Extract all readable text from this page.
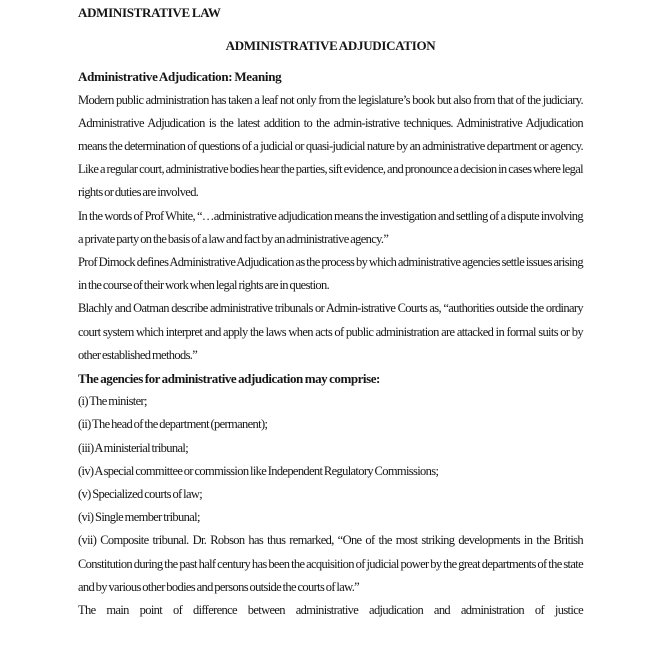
ADMINISTRATIVE LAW
ADMINISTRATIVE ADJUDICATION
Administrative Adjudication: Meaning
Modern public administration has taken a leaf not only from the legislature’s book but also from that of the judiciary. Administrative Adjudication is the latest addition to the admin-istrative techniques. Administrative Adjudication means the determination of questions of a judicial or quasi-judicial nature by an administrative department or agency. Like a regular court, administrative bodies hear the parties, sift evidence, and pronounce a decision in cases where legal rights or duties are involved.
In the words of Prof White, “…administrative adjudication means the investigation and settling of a dispute involving a private party on the basis of a law and fact by an administrative agency.”
Prof Dimock defines Administrative Adjudication as the process by which administrative agencies settle issues arising in the course of their work when legal rights are in question.
Blachly and Oatman describe administrative tribunals or Admin-istrative Courts as, “authorities outside the ordinary court system which interpret and apply the laws when acts of public administration are attacked in formal suits or by other established methods.”
The agencies for administrative adjudication may comprise:
(i) The minister;
(ii) The head of the department (permanent);
(iii) A ministerial tribunal;
(iv) A special committee or commission like Independent Regulatory Commissions;
(v) Specialized courts of law;
(vi) Single member tribunal;
(vii) Composite tribunal. Dr. Robson has thus remarked, “One of the most striking developments in the British Constitution during the past half century has been the acquisition of judicial power by the great departments of the state and by various other bodies and persons outside the courts of law.”

The main point of difference between administrative adjudication and administration of justice
